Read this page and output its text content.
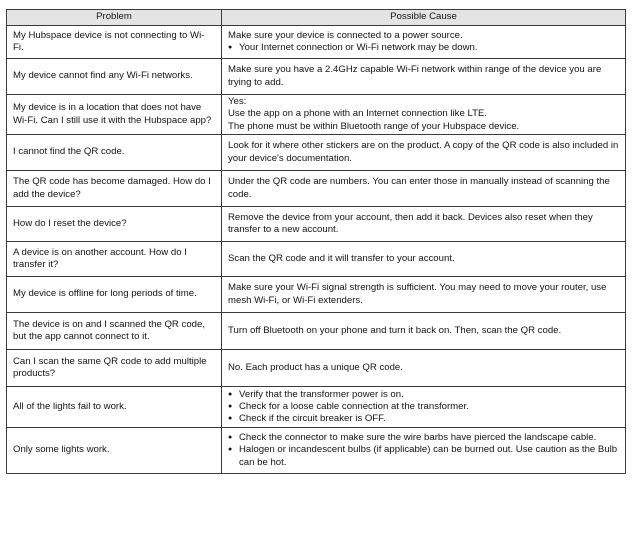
Problem	Possible Cause
My Hubspace device is not connecting to Wi-Fi.	Make sure your device is connected to a power source.
● Your Internet connection or Wi-Fi network may be down.

My device cannot find any Wi-Fi networks.	Make sure you have a 2.4GHz capable Wi-Fi network within range of the device you are trying to add.

My device is in a location that does not have Wi-Fi. Can I still use it with the Hubspace app?	Yes:
Use the app on a phone with an Internet connection like LTE.
The phone must be within Bluetooth range of your Hubspace device.

I cannot find the QR code.	Look for it where other stickers are on the product. A copy of the QR code is also included in your device's documentation.

The QR code has become damaged. How do I add the device?	Under the QR code are numbers. You can enter those in manually instead of scanning the code.

How do I reset the device?	Remove the device from your account, then add it back. Devices also reset when they transfer to a new account.

A device is on another account. How do I transfer it?	Scan the QR code and it will transfer to your account.

My device is offline for long periods of time.	Make sure your Wi-Fi signal strength is sufficient. You may need to move your router, use mesh Wi-Fi, or Wi-Fi extenders.

The device is on and I scanned the QR code, but the app cannot connect to it.	Turn off Bluetooth on your phone and turn it back on. Then, scan the QR code.

Can I scan the same QR code to add multiple products?	No. Each product has a unique QR code.

All of the lights fail to work.	● Verify that the transformer power is on.
● Check for a loose cable connection at the transformer.
● Check if the circuit breaker is OFF.

Only some lights work.	● Check the connector to make sure the wire barbs have pierced the landscape cable.
● Halogen or incandescent bulbs (if applicable) can be burned out. Use caution as the Bulb can be hot.
